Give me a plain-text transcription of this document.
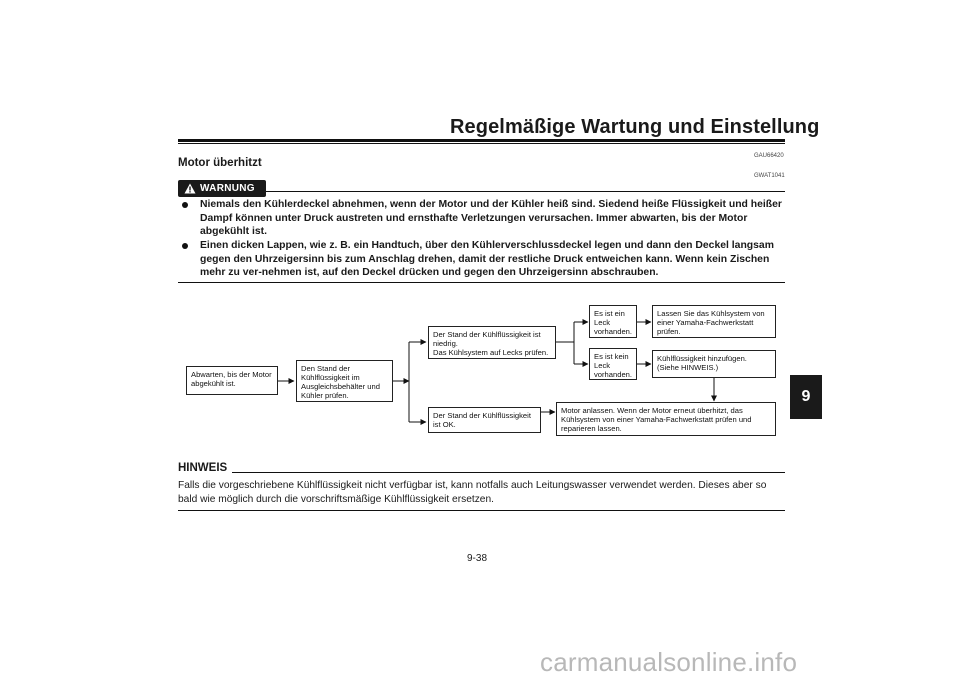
Regelmäßige Wartung und Einstellung
9
GAU66420
Motor überhitzt
GWAT1041
WARNUNG
Niemals den Kühlerdeckel abnehmen, wenn der Motor und der Kühler heiß sind. Siedend heiße Flüssigkeit und heißer Dampf können unter Druck austreten und ernsthafte Verletzungen verursachen. Immer abwarten, bis der Motor abgekühlt ist.
Einen dicken Lappen, wie z. B. ein Handtuch, über den Kühlerverschlussdeckel legen und dann den Deckel langsam gegen den Uhrzeigersinn bis zum Anschlag drehen, damit der restliche Druck entweichen kann. Wenn kein Zischen mehr zu ver-nehmen ist, auf den Deckel drücken und gegen den Uhrzeigersinn abschrauben.
Abwarten, bis der Motor abgekühlt ist.
Den Stand der Kühlflüssigkeit im Ausgleichsbehälter und Kühler prüfen.
Der Stand der Kühlflüssigkeit ist niedrig.
Das Kühlsystem auf Lecks prüfen.
Der Stand der Kühlflüssigkeit ist OK.
Es ist ein Leck vorhanden.
Es ist kein Leck vorhanden.
Lassen Sie das Kühlsystem von einer Yamaha-Fachwerkstatt prüfen.
Kühlflüssigkeit hinzufügen.
(Siehe HINWEIS.)
Motor anlassen. Wenn der Motor erneut überhitzt, das Kühlsystem von einer Yamaha-Fachwerkstatt prüfen und reparieren lassen.
HINWEIS
Falls die vorgeschriebene Kühlflüssigkeit nicht verfügbar ist, kann notfalls auch Leitungswasser verwendet werden. Dieses aber so bald wie möglich durch die vorschriftsmäßige Kühlflüssigkeit ersetzen.
9-38
carmanualsonline.info
